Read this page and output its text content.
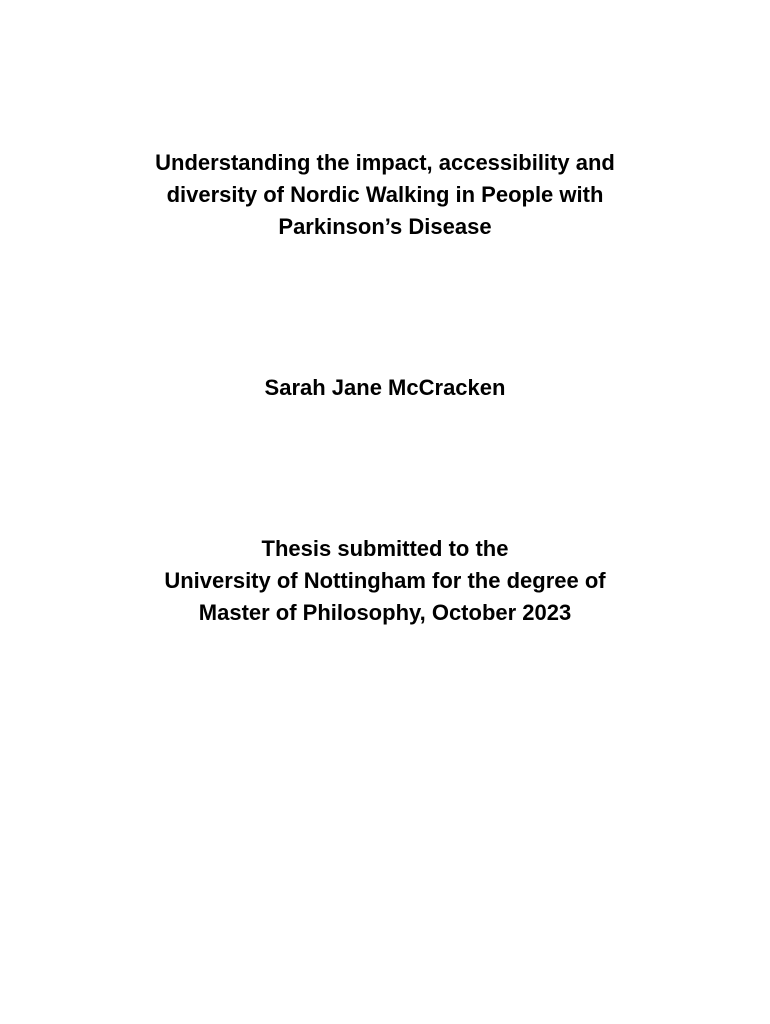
Understanding the impact, accessibility and
diversity of Nordic Walking in People with
Parkinson’s Disease
Sarah Jane McCracken
Thesis submitted to the
University of Nottingham for the degree of
Master of Philosophy, October 2023
